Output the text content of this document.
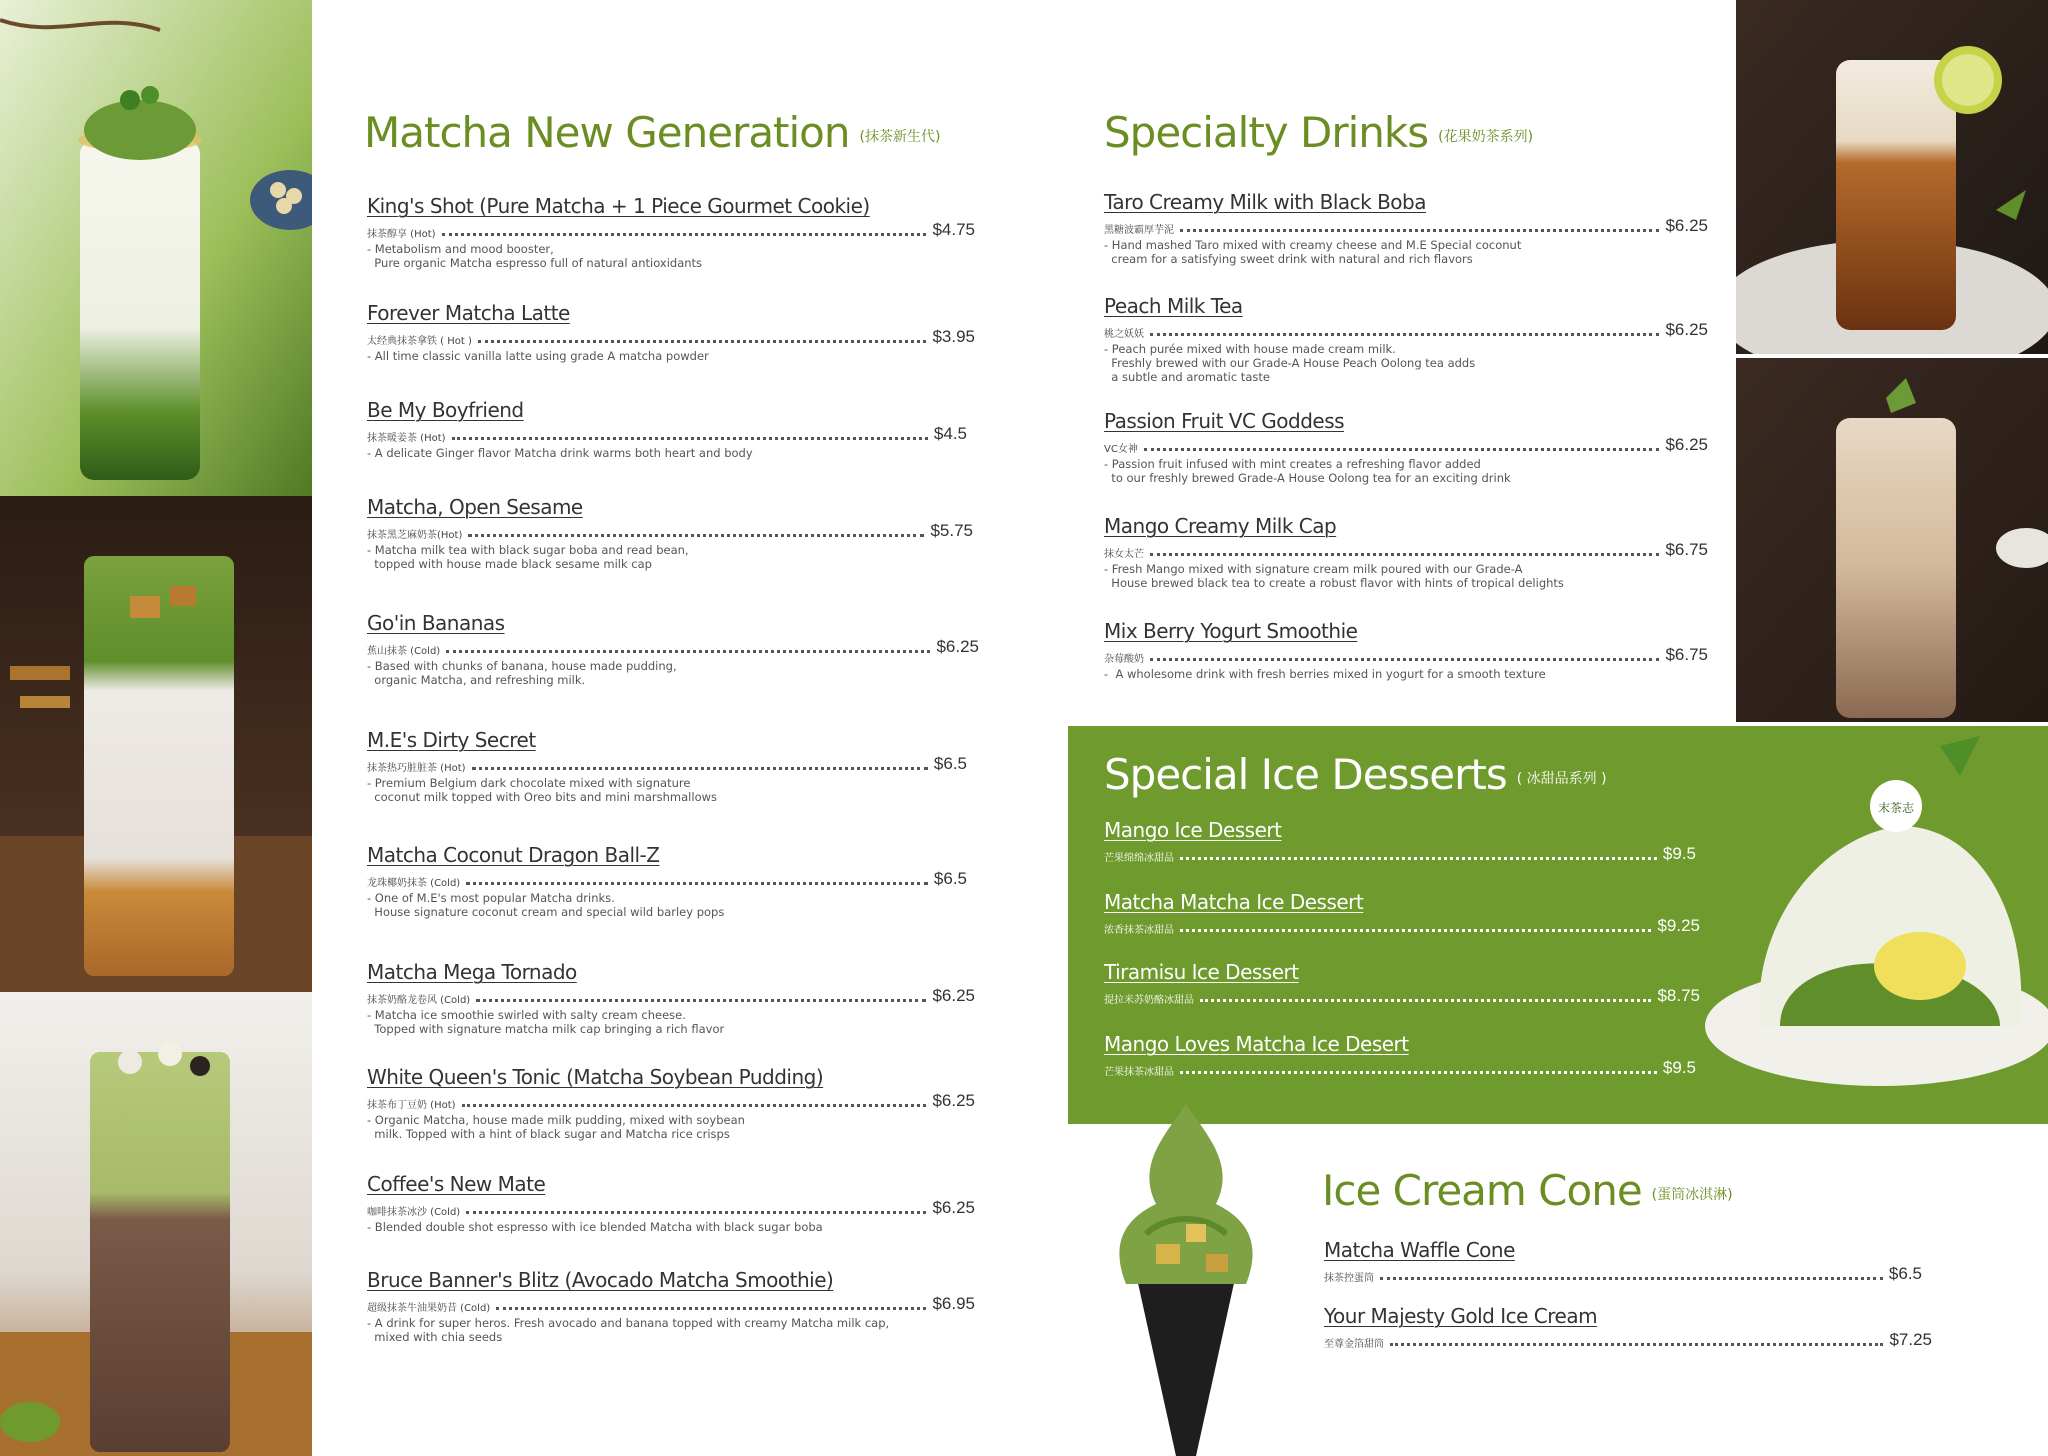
Matcha New Generation (抹茶新生代)
King's Shot (Pure Matcha + 1 Piece Gourmet Cookie)
抹茶醇享 (Hot)	$4.75
- Metabolism and mood booster,
Pure organic Matcha espresso full of natural antioxidants
Forever Matcha Latte
太经典抹茶拿铁 ( Hot )	$3.95
- All time classic vanilla latte using grade A matcha powder
Be My Boyfriend
抹茶暖姜茶 (Hot)	$4.5
- A delicate Ginger flavor Matcha drink warms both heart and body
Matcha, Open Sesame
抹茶黑芝麻奶茶(Hot)	$5.75
- Matcha milk tea with black sugar boba and read bean,
topped with house made black sesame milk cap
Go'in Bananas
蕉山抹茶 (Cold)	$6.25
- Based with chunks of banana, house made pudding,
organic Matcha, and refreshing milk.
M.E's Dirty Secret
抹茶热巧脏脏茶 (Hot)	$6.5
- Premium Belgium dark chocolate mixed with signature
coconut milk topped with Oreo bits and mini marshmallows
Matcha Coconut Dragon Ball-Z
龙珠椰奶抹茶 (Cold)	$6.5
- One of M.E's most popular Matcha drinks.
House signature coconut cream and special wild barley pops
Matcha Mega Tornado
抹茶奶酪龙卷风 (Cold)	$6.25
- Matcha ice smoothie swirled with salty cream cheese.
Topped with signature matcha milk cap bringing a rich flavor
White Queen's Tonic (Matcha Soybean Pudding)
抹茶布丁豆奶 (Hot)	$6.25
- Organic Matcha, house made milk pudding, mixed with soybean
milk. Topped with a hint of black sugar and Matcha rice crisps
Coffee's New Mate
咖啡抹茶冰沙 (Cold)	$6.25
- Blended double shot espresso with ice blended Matcha with black sugar boba
Bruce Banner's Blitz (Avocado Matcha Smoothie)
超级抹茶牛油果奶昔 (Cold)	$6.95
- A drink for super heros. Fresh avocado and banana topped with creamy Matcha milk cap,
mixed with chia seeds
Specialty Drinks (花果奶茶系列)
Taro Creamy Milk with Black Boba
黑糖波霸厚芋泥	$6.25
- Hand mashed Taro mixed with creamy cheese and M.E Special coconut
cream for a satisfying sweet drink with natural and rich flavors
Peach Milk Tea
桃之妖妖	$6.25
- Peach purée mixed with house made cream milk.
Freshly brewed with our Grade-A House Peach Oolong tea adds
a subtle and aromatic taste
Passion Fruit VC Goddess
VC女神	$6.25
- Passion fruit infused with mint creates a refreshing flavor added
to our freshly brewed Grade-A House Oolong tea for an exciting drink
Mango Creamy Milk Cap
抹女太芒	$6.75
- Fresh Mango mixed with signature cream milk poured with our Grade-A
House brewed black tea to create a robust flavor with hints of tropical delights
Mix Berry Yogurt Smoothie
杂莓酸奶	$6.75
-  A wholesome drink with fresh berries mixed in yogurt for a smooth texture
末茶志
Special Ice Desserts ( 冰甜品系列 )
Mango Ice Dessert
芒果绵绵冰甜品	$9.5
Matcha Matcha Ice Dessert
浓香抹茶冰甜品	$9.25
Tiramisu Ice Dessert
提拉米苏奶酪冰甜品	$8.75
Mango Loves Matcha Ice Desert
芒果抹茶冰甜品	$9.5
Ice Cream Cone (蛋筒冰淇淋)
Matcha Waffle Cone
抹茶控蛋筒	$6.5
Your Majesty Gold Ice Cream
至尊金箔甜筒	$7.25
